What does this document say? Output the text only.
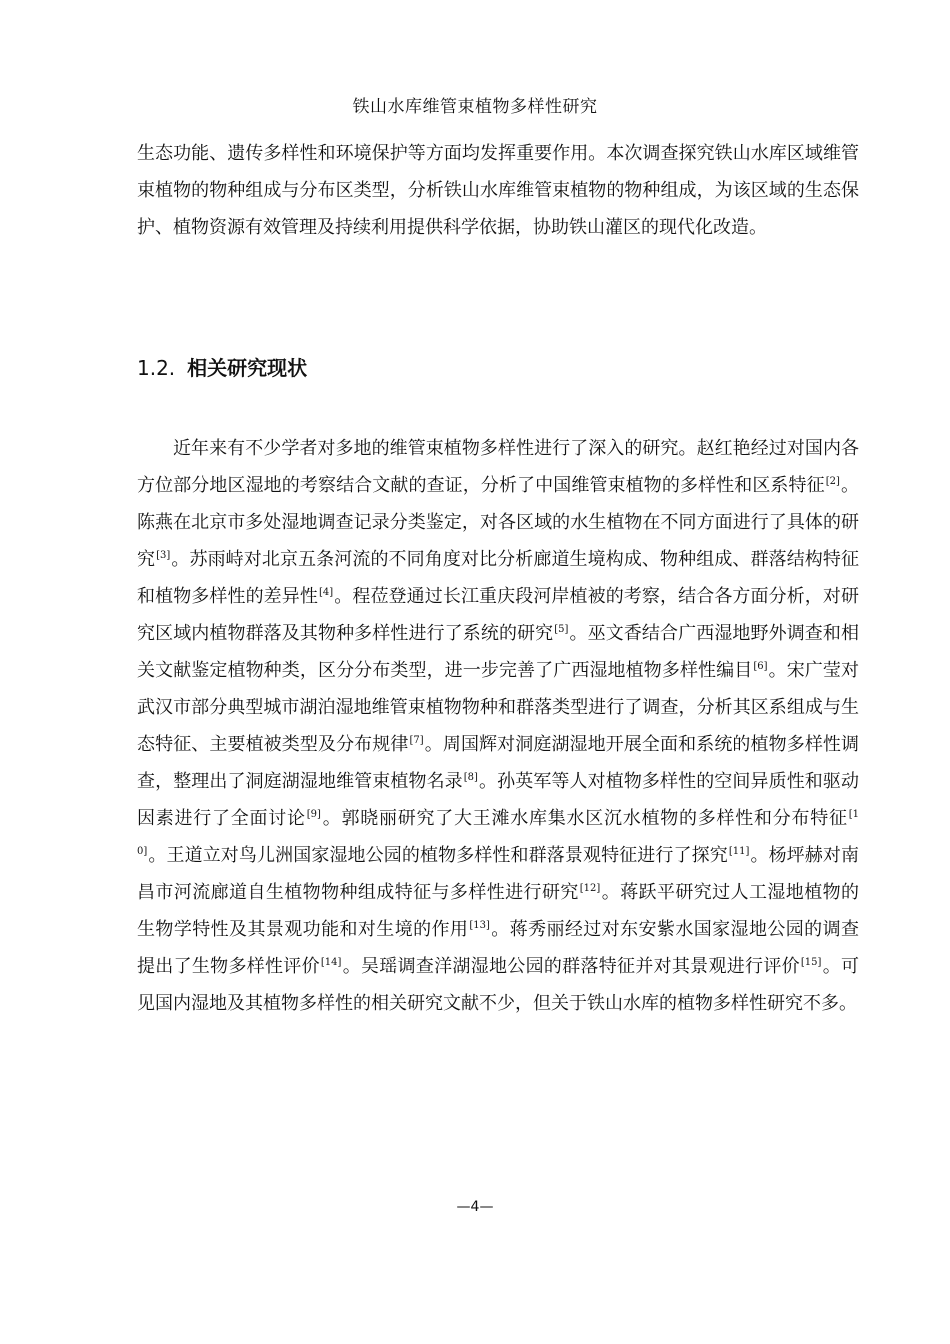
铁山水库维管束植物多样性研究

生态功能、遗传多样性和环境保护等方面均发挥重要作用。本次调查探究铁山水库区域维管束植物的物种组成与分布区类型，分析铁山水库维管束植物的物种组成，为该区域的生态保护、植物资源有效管理及持续利用提供科学依据，协助铁山灌区的现代化改造。

1.2. 相关研究现状

近年来有不少学者对多地的维管束植物多样性进行了深入的研究。赵红艳经过对国内各方位部分地区湿地的考察结合文献的查证，分析了中国维管束植物的多样性和区系特征[2]。陈燕在北京市多处湿地调查记录分类鉴定，对各区域的水生植物在不同方面进行了具体的研究[3]。苏雨峙对北京五条河流的不同角度对比分析廊道生境构成、物种组成、群落结构特征和植物多样性的差异性[4]。程莅登通过长江重庆段河岸植被的考察，结合各方面分析，对研究区域内植物群落及其物种多样性进行了系统的研究[5]。巫文香结合广西湿地野外调查和相关文献鉴定植物种类，区分分布类型，进一步完善了广西湿地植物多样性编目[6]。宋广莹对武汉市部分典型城市湖泊湿地维管束植物物种和群落类型进行了调查，分析其区系组成与生态特征、主要植被类型及分布规律[7]。周国辉对洞庭湖湿地开展全面和系统的植物多样性调查，整理出了洞庭湖湿地维管束植物名录[8]。孙英军等人对植物多样性的空间异质性和驱动因素进行了全面讨论[9]。郭晓丽研究了大王滩水库集水区沉水植物的多样性和分布特征[10]。王道立对鸟儿洲国家湿地公园的植物多样性和群落景观特征进行了探究[11]。杨坪赫对南昌市河流廊道自生植物物种组成特征与多样性进行研究[12]。蒋跃平研究过人工湿地植物的生物学特性及其景观功能和对生境的作用[13]。蒋秀丽经过对东安紫水国家湿地公园的调查提出了生物多样性评价[14]。吴瑶调查洋湖湿地公园的群落特征并对其景观进行评价[15]。可见国内湿地及其植物多样性的相关研究文献不少，但关于铁山水库的植物多样性研究不多。

—4—
